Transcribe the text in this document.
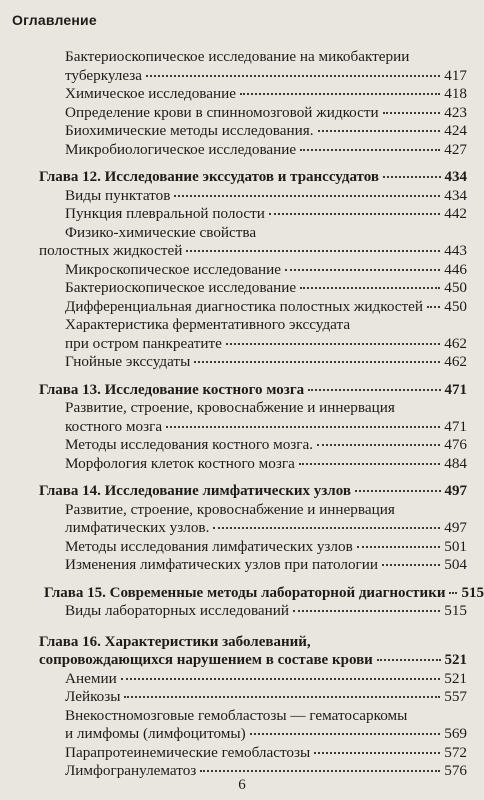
Оглавление
Бактериоскопическое исследование на микобактерии
туберкулеза	417
Химическое исследование	418
Определение крови в спинномозговой жидкости	423
Биохимические методы исследования.	424
Микробиологическое исследование	427
Глава 12. Исследование экссудатов и транссудатов	434
Виды пунктатов	434
Пункция плевральной полости	442
Физико-химические свойства
полостных жидкостей	443
Микроскопическое исследование	446
Бактериоскопическое исследование	450
Дифференциальная диагностика полостных жидкостей 450
Характеристика ферментативного экссудата
при остром панкреатите	462
Гнойные экссудаты	462
Глава 13. Исследование костного мозга	471
Развитие, строение, кровоснабжение и иннервация
костного мозга	471
Методы исследования костного мозга.	476
Морфология клеток костного мозга	484
Глава 14. Исследование лимфатических узлов	497
Развитие, строение, кровоснабжение и иннервация
лимфатических узлов.	497
Методы исследования лимфатических узлов	501
Изменения лимфатических узлов при патологии	504
Глава 15. Современные методы лабораторной диагностики 515
Виды лабораторных исследований	515
Глава 16. Характеристики заболеваний,
сопровождающихся нарушением в составе крови	521
Анемии	521
Лейкозы	557
Внекостномозговые гемобластозы — гематосаркомы
и лимфомы (лимфоцитомы)	569
Парапротеинемические гемобластозы	572
Лимфогранулематоз	576
6
